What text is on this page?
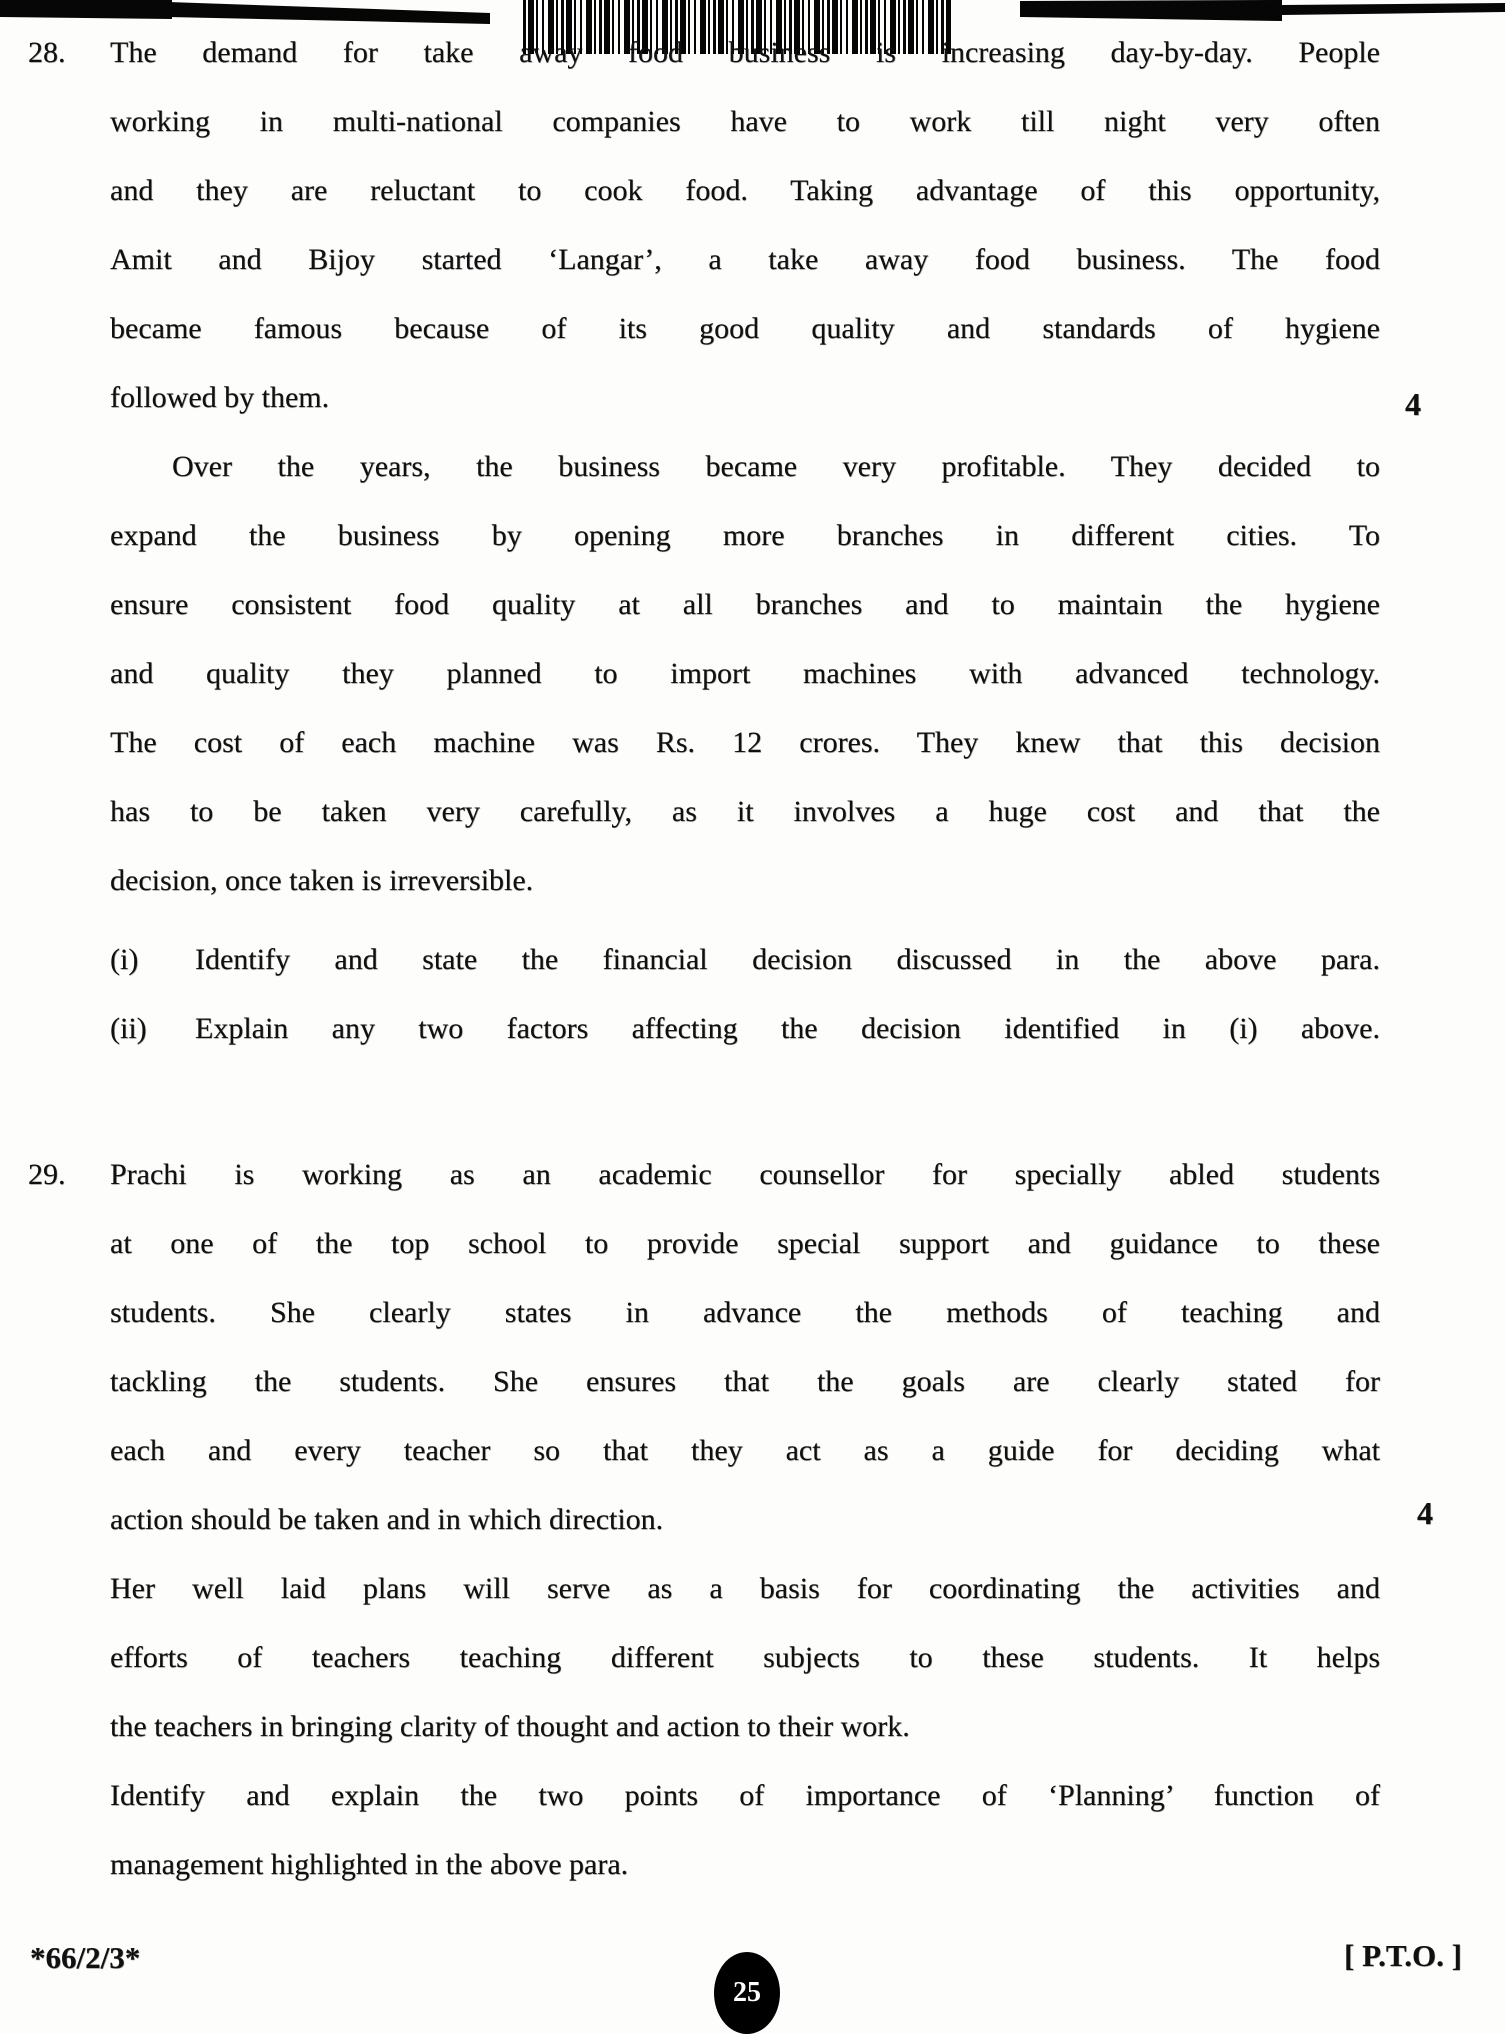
28. The demand for take away food business is increasing day-by-day. People
working in multi-national companies have to work till night very often
and they are reluctant to cook food. Taking advantage of this opportunity,
Amit and Bijoy started ‘Langar’, a take away food business. The food
became famous because of its good quality and standards of hygiene
followed by them.
Over the years, the business became very profitable. They decided to
expand the business by opening more branches in different cities. To
ensure consistent food quality at all branches and to maintain the hygiene
and quality they planned to import machines with advanced technology.
The cost of each machine was Rs. 12 crores. They knew that this decision
has to be taken very carefully, as it involves a huge cost and that the
decision, once taken is irreversible.
(i)	Identify and state the financial decision discussed in the above para.
(ii)	Explain any two factors affecting the decision identified in (i) above.
4
29. Prachi is working as an academic counsellor for specially abled students
at one of the top school to provide special support and guidance to these
students. She clearly states in advance the methods of teaching and
tackling the students. She ensures that the goals are clearly stated for
each and every teacher so that they act as a guide for deciding what
action should be taken and in which direction.
Her well laid plans will serve as a basis for coordinating the activities and
efforts of teachers teaching different subjects to these students. It helps
the teachers in bringing clarity of thought and action to their work.
Identify and explain the two points of importance of ‘Planning’ function of
management highlighted in the above para.
4
*66/2/3*
25
[ P.T.O. ]
